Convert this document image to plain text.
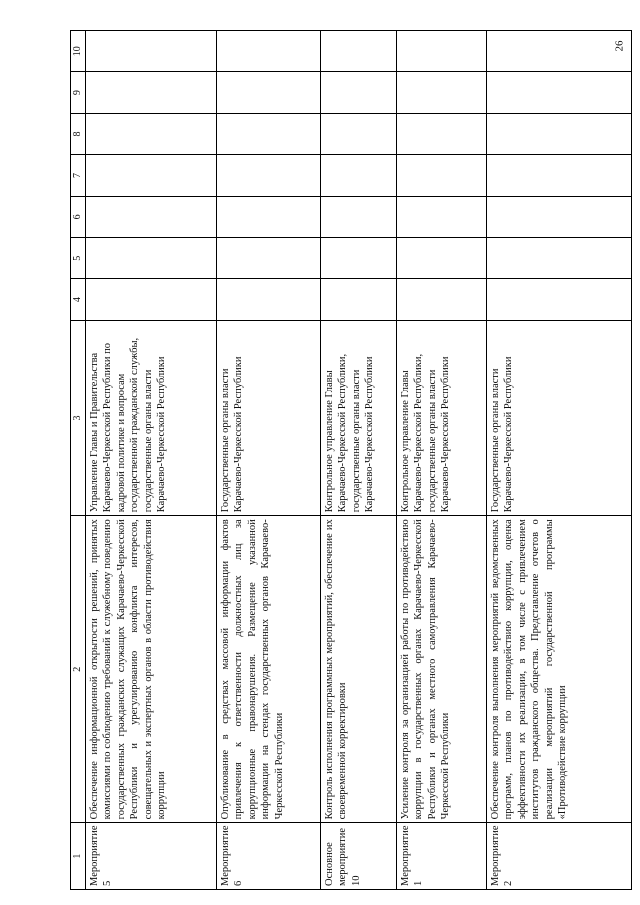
26
1	2	3	4	5	6	7	8	9	10
Мероприятие 5	Обеспечение информационной открытости решений, принятых комиссиями по соблюдению требований к служебному поведению государственных гражданских служащих Карачаево-Черкесской Республики и урегулированию конфликта интересов, совещательных и экспертных органов в области противодействия коррупции	Управление Главы и Правительства Карачаево-Черкесской Республики по кадровой политике и вопросам государственной гражданской службы, государственные органы власти Карачаево-Черкесской Республики							
Мероприятие 6	Опубликование в средствах массовой информации фактов привлечения к ответственности должностных лиц за коррупционные правонарушения. Размещение указанной информации на стендах государственных органов Карачаево-Черкесской Республики	Государственные органы власти Карачаево-Черкесской Республики							
Основное мероприятие 10	Контроль исполнения программных мероприятий, обеспечение их своевременной корректировки	Контрольное управление Главы Карачаево-Черкесской Республики, государственные органы власти Карачаево-Черкесской Республики							
Мероприятие 1	Усиление контроля за организацией работы по противодействию коррупции в государственных органах Карачаево-Черкесской Республики и органах местного самоуправления Карачаево-Черкесской Республики	Контрольное управление Главы Карачаево-Черкесской Республики, государственные органы власти Карачаево-Черкесской Республики							
Мероприятие 2	Обеспечение контроля выполнения мероприятий ведомственных программ, планов по противодействию коррупции, оценка эффективности их реализации, в том числе с привлечением институтов гражданского общества. Представление отчетов о реализации мероприятий государственной программы «Противодействие коррупции	Государственные органы власти Карачаево-Черкесской Республики							
